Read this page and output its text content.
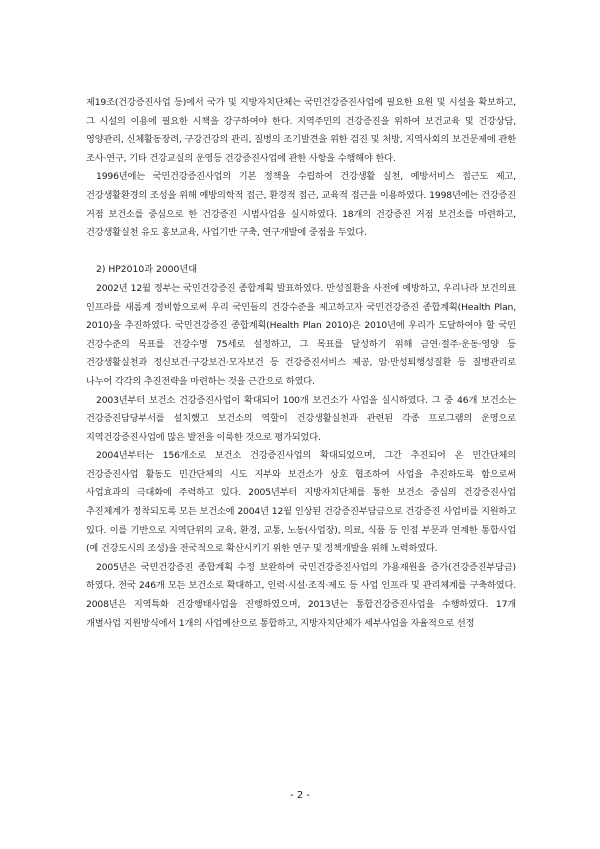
제19조(건강증진사업 등)에서 국가 및 지방자치단체는 국민건강증진사업에 필요한 요원 및 시설을 확보하고, 그 시설의 이용에 필요한 시책을 강구하여야 한다. 지역주민의 건강증진을 위하여 보건교육 및 건강상담, 영양관리, 신체활동장려, 구강건강의 관리, 질병의 조기발견을 위한 검진 및 처방, 지역사회의 보건문제에 관한 조사·연구, 기타 건강교실의 운영등 건강증진사업에 관한 사항을 수행해야 한다.

1996년에는 국민건강증진사업의 기본 정책을 수립하여 건강생활 실천, 예방서비스 접근도 제고, 건강생활환경의 조성을 위해 예방의학적 접근, 환경적 접근, 교육적 접근을 이용하였다. 1998년에는 건강증진 거점 보건소를 중심으로 한 건강증진 시범사업을 실시하였다. 18개의 건강증진 거점 보건소를 마련하고, 건강생활실천 유도 홍보교육, 사업기반 구축, 연구개발에 중점을 두었다.

2) HP2010과 2000년대

2002년 12월 정부는 국민건강증진 종합계획 발표하였다. 만성질환을 사전에 예방하고, 우리나라 보건의료 인프라를 새롭게 정비함으로써 우리 국민들의 건강수준을 제고하고자 국민건강증진 종합계획(Health Plan, 2010)을 추진하였다. 국민건강증진 종합계획(Health Plan 2010)은 2010년에 우리가 도달하여야 할 국민 건강수준의 목표를 건강수명 75세로 설정하고, 그 목표를 달성하기 위해 금연·절주·운동·영양 등 건강생활실천과 정신보건·구강보건·모자보건 등 건강증진서비스 제공, 암·만성퇴행성질환 등 질병관리로 나누어 각각의 추진전략을 마련하는 것을 근간으로 하였다.

2003년부터 보건소 건강증진사업이 확대되어 100개 보건소가 사업을 실시하였다. 그 중 46개 보건소는 건강증진담당부서를 설치했고 보건소의 역할이 건강생활실천과 관련된 각종 프로그램의 운영으로 지역건강증진사업에 많은 발전을 이룩한 것으로 평가되었다.

2004년부터는 156개소로 보건소 건강증진사업의 확대되었으며, 그간 추진되어 온 민간단체의 건강증진사업 활동도 민간단체의 시도 지부와 보건소가 상호 협조하여 사업을 추진하도록 함으로써 사업효과의 극대화에 주력하고 있다. 2005년부터 지방자치단체를 통한 보건소 중심의 건강증진사업 추진체계가 정착되도록 모든 보건소에 2004년 12월 인상된 건강증진부담금으로 건강증진 사업비를 지원하고 있다. 이를 기반으로 지역단위의 교육, 환경, 교통, 노동(사업장), 의료, 식품 등 인접 부문과 연계한 통합사업(예 건강도시의 조성)을 전국적으로 확산시키기 위한 연구 및 정책개발을 위해 노력하였다.

2005년은 국민건강증진 종합계획 수정 보완하여 국민건강증진사업의 가용재원을 증가(건강증진부담금)하였다. 전국 246개 모든 보건소로 확대하고, 인력·시설·조직·제도 등 사업 인프라 및 관리체계를 구축하였다. 2008년은 지역특화 건강행태사업을 진행하였으며, 2013년는 통합건강증진사업을 수행하였다. 17개 개별사업 지원방식에서 1개의 사업예산으로 통합하고, 지방자치단체가 세부사업을 자율적으로 선정

- 2 -
